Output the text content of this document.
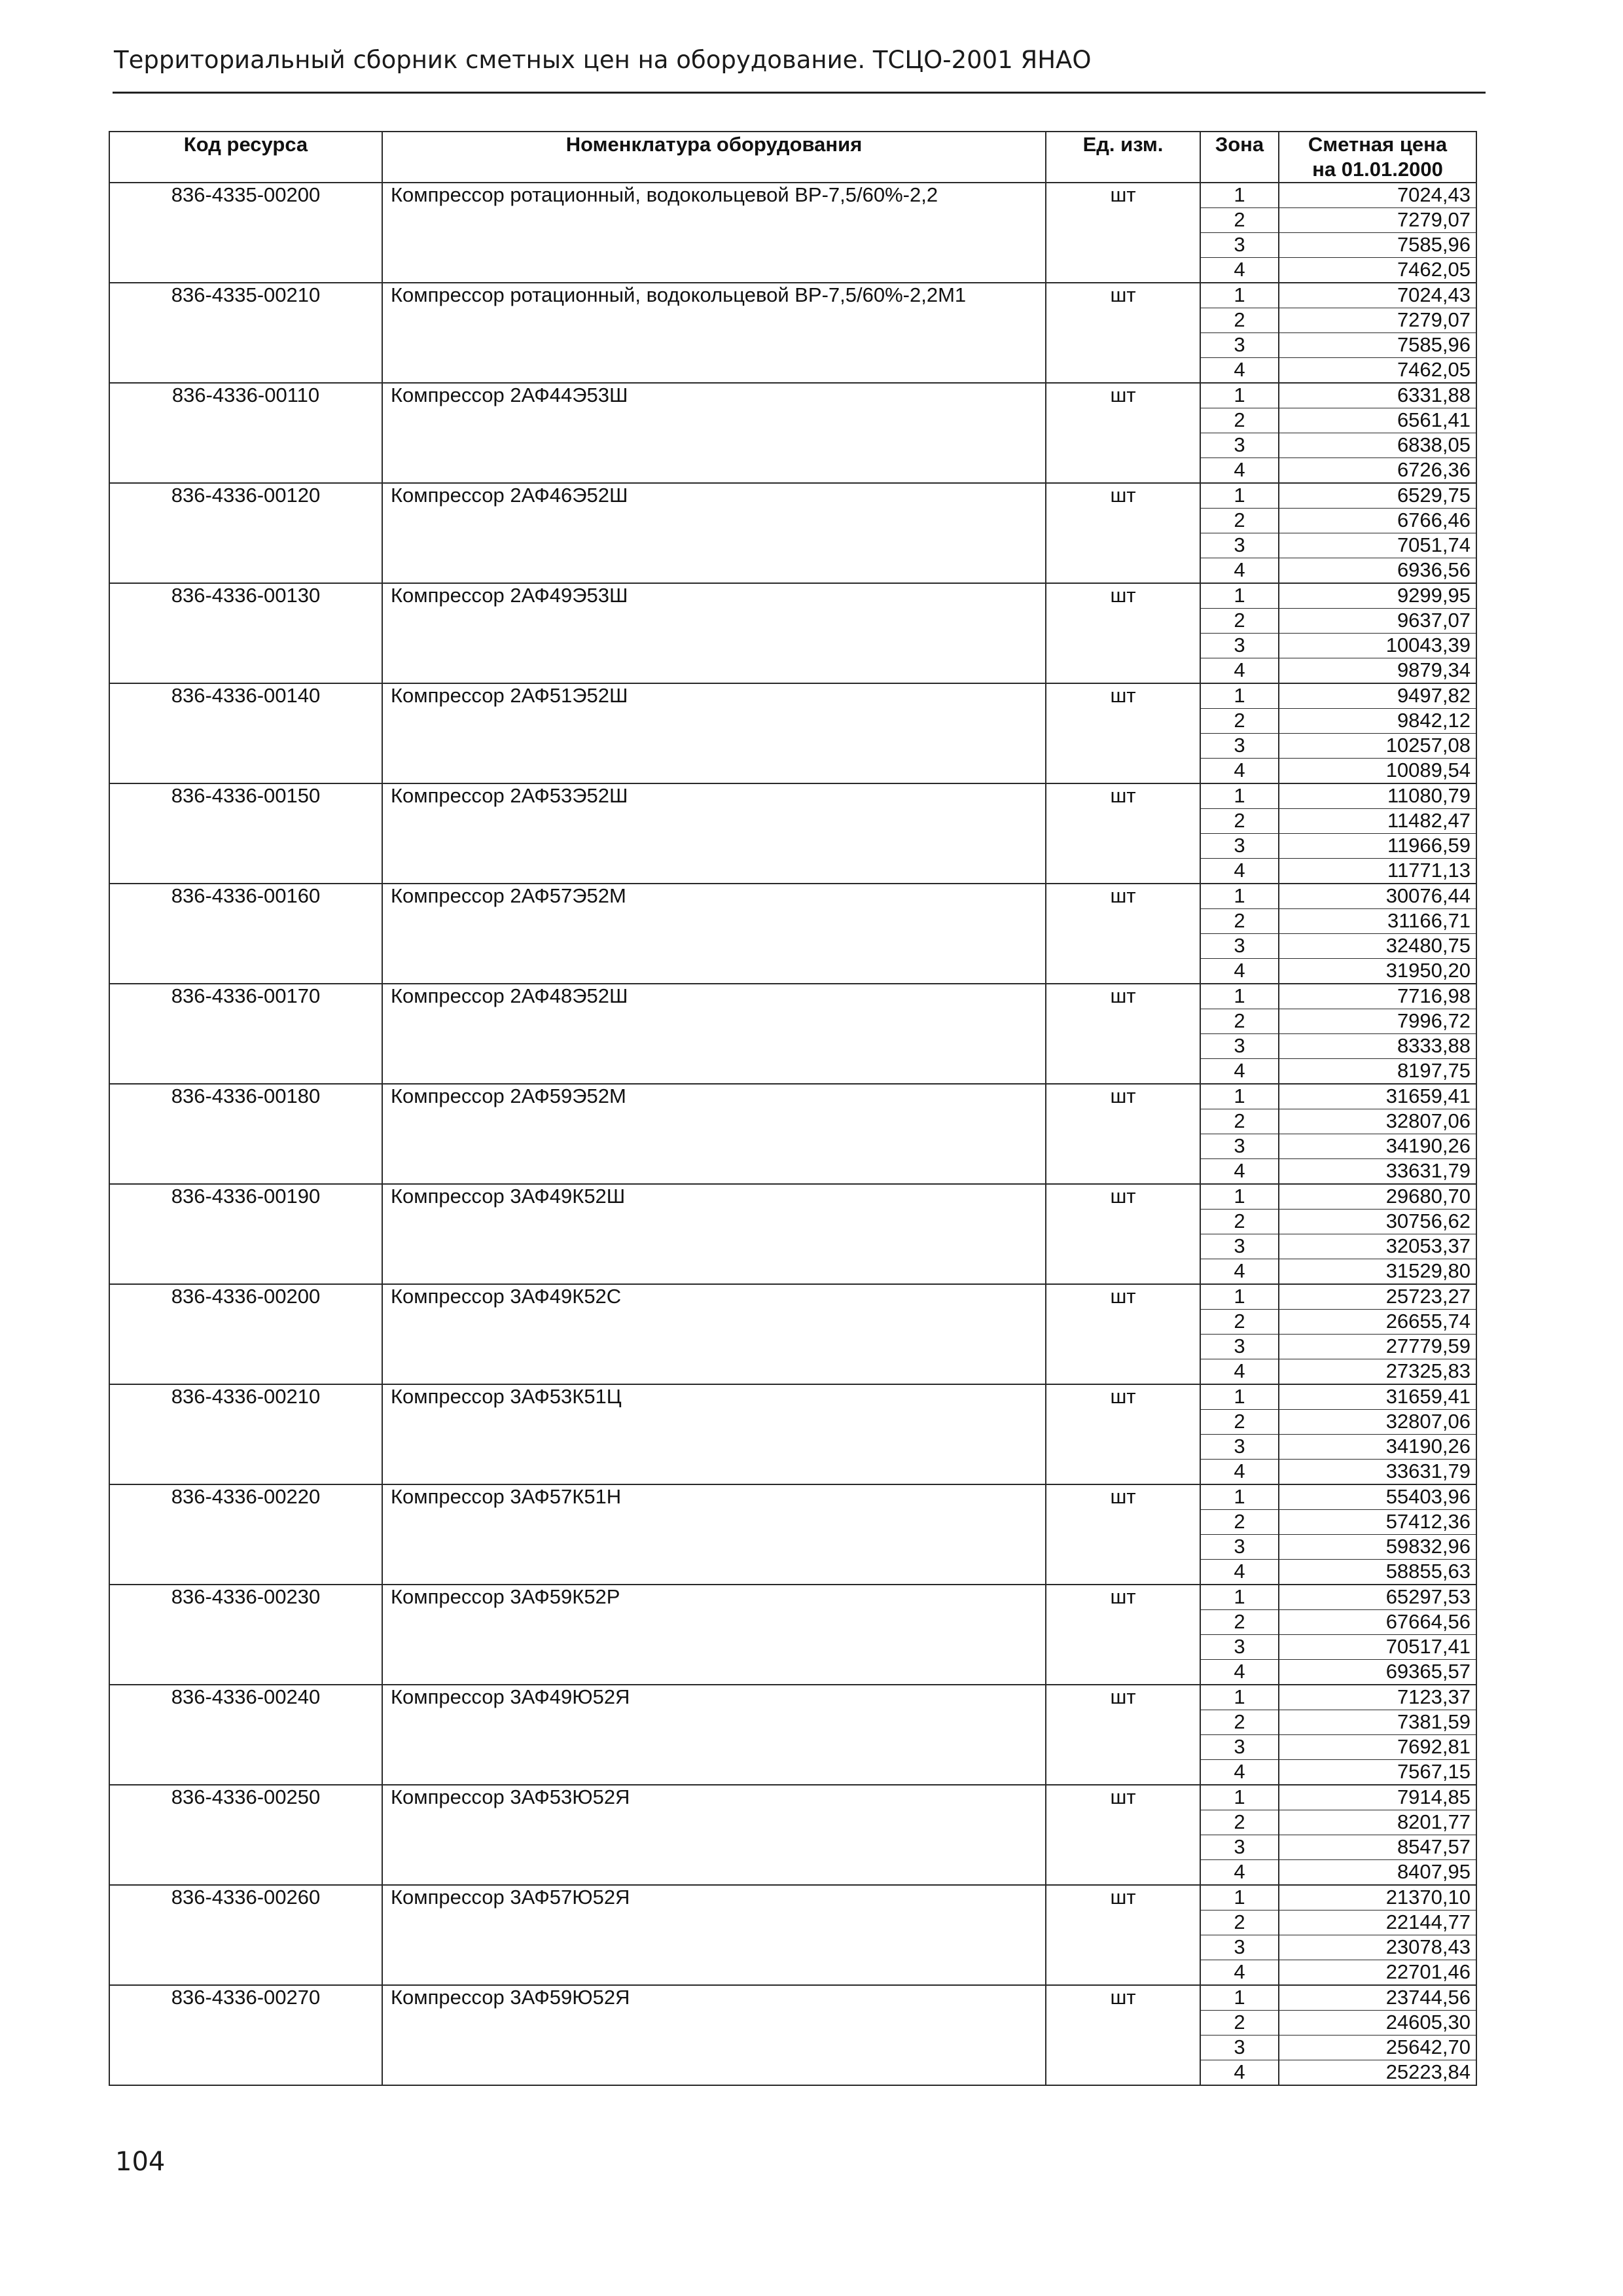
Территориальный сборник сметных цен на оборудование. ТСЦО-2001 ЯНАО
Код ресурса	Номенклатура оборудования	Ед. изм.	Зона	Сметная цена
на 01.01.2000

836-4335-00200	Компрессор ротационный, водокольцевой ВР-7,5/60%-2,2	шт	1	7024,43
			2	7279,07
			3	7585,96
			4	7462,05
836-4335-00210	Компрессор ротационный, водокольцевой ВР-7,5/60%-2,2М1	шт	1	7024,43
			2	7279,07
			3	7585,96
			4	7462,05
836-4336-00110	Компрессор 2АФ44Э53Ш	шт	1	6331,88
			2	6561,41
			3	6838,05
			4	6726,36
836-4336-00120	Компрессор 2АФ46Э52Ш	шт	1	6529,75
			2	6766,46
			3	7051,74
			4	6936,56
836-4336-00130	Компрессор 2АФ49Э53Ш	шт	1	9299,95
			2	9637,07
			3	10043,39
			4	9879,34
836-4336-00140	Компрессор 2АФ51Э52Ш	шт	1	9497,82
			2	9842,12
			3	10257,08
			4	10089,54
836-4336-00150	Компрессор 2АФ53Э52Ш	шт	1	11080,79
			2	11482,47
			3	11966,59
			4	11771,13
836-4336-00160	Компрессор 2АФ57Э52М	шт	1	30076,44
			2	31166,71
			3	32480,75
			4	31950,20
836-4336-00170	Компрессор 2АФ48Э52Ш	шт	1	7716,98
			2	7996,72
			3	8333,88
			4	8197,75
836-4336-00180	Компрессор 2АФ59Э52М	шт	1	31659,41
			2	32807,06
			3	34190,26
			4	33631,79
836-4336-00190	Компрессор 3АФ49К52Ш	шт	1	29680,70
			2	30756,62
			3	32053,37
			4	31529,80
836-4336-00200	Компрессор 3АФ49К52С	шт	1	25723,27
			2	26655,74
			3	27779,59
			4	27325,83
836-4336-00210	Компрессор 3АФ53К51Ц	шт	1	31659,41
			2	32807,06
			3	34190,26
			4	33631,79
836-4336-00220	Компрессор 3АФ57К51Н	шт	1	55403,96
			2	57412,36
			3	59832,96
			4	58855,63
836-4336-00230	Компрессор 3АФ59К52Р	шт	1	65297,53
			2	67664,56
			3	70517,41
			4	69365,57
836-4336-00240	Компрессор 3АФ49Ю52Я	шт	1	7123,37
			2	7381,59
			3	7692,81
			4	7567,15
836-4336-00250	Компрессор 3АФ53Ю52Я	шт	1	7914,85
			2	8201,77
			3	8547,57
			4	8407,95
836-4336-00260	Компрессор 3АФ57Ю52Я	шт	1	21370,10
			2	22144,77
			3	23078,43
			4	22701,46
836-4336-00270	Компрессор 3АФ59Ю52Я	шт	1	23744,56
			2	24605,30
			3	25642,70
			4	25223,84
104
